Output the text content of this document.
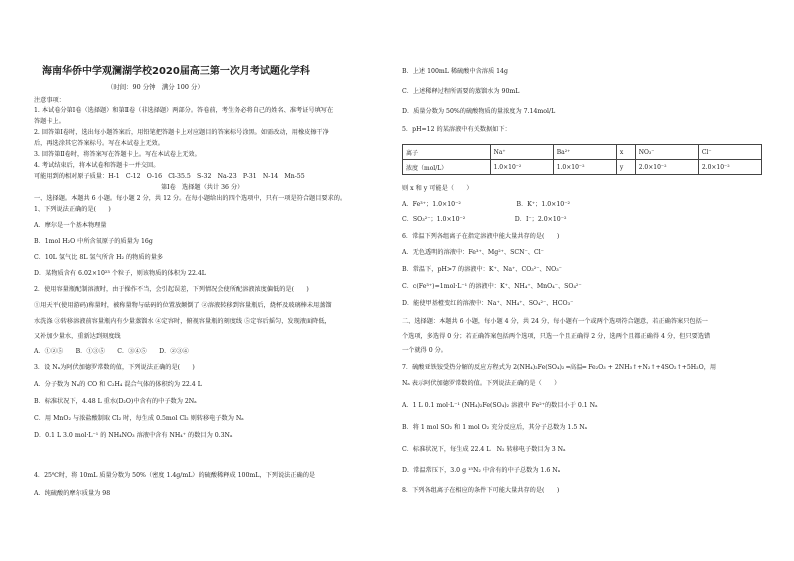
海南华侨中学观澜湖学校2020届高三第一次月考试题化学科
（时间：90 分钟　满分 100 分）
注意事项：
1. 本试卷分第Ⅰ卷（选择题）和第Ⅱ卷（非选择题）两部分。答卷前，考生务必将自己的姓名、准考证号填写在
答题卡上。
2. 回答第Ⅰ卷时，选出每小题答案后，用铅笔把答题卡上对应题目的答案标号涂黑。如需改动，用橡皮擦干净
后，再选涂其它答案标号。写在本试卷上无效。
3. 回答第Ⅱ卷时，将答案写在答题卡上。写在本试卷上无效。
4. 考试结束后，将本试卷和答题卡一并交回。
可能用到的相对原子质量：H-1　C-12　O-16　Cl-35.5　S-32　Na-23　P-31　N-14　Mn-55
第Ⅰ卷　选择题（共计 36 分）
一、选择题。本题共 6 小题。每小题 2 分，共 12 分。在每小题给出的四个选项中，只有一项是符合题目要求的。
1、下列说法正确的是(　　)
A．摩尔是一个基本物理量
B．1mol H₂O 中所含氧原子的质量为 16g
C．10L 氢气比 8L 氢气所含 H₂ 的物质的量多
D．某物质含有 6.02×10²³ 个粒子，则该物质的体积为 22.4L
2．使用容量瓶配制溶液时，由于操作不当，会引起误差，下列情况会使所配溶液浓度偏低的是(　　)
①用天平(使用游码)称量时，被称量物与砝码的位置放颠倒了 ②溶液转移到容量瓶后，烧杯及玻璃棒未用蒸馏
水洗涤 ③转移溶液前容量瓶内有少量蒸馏水 ④定容时，俯视容量瓶的刻度线 ⑤定容后摇匀，发现液面降低，
又补加少量水，重新达到刻度线
A．①②⑤　　B．①③⑤　　C．③④⑤　　D．②③④
3．设 Nₐ为阿伏加德罗常数的值，下列说法正确的是(　　)
A．分子数为 Nₐ的 CO 和 C₂H₄ 混合气体的体积约为 22.4 L
B．标准状况下，4.48 L 重水(D₂O)中含有的中子数为 2Nₐ
C．用 MnO₂ 与浓盐酸制取 Cl₂ 时，每生成 0.5mol Cl₂ 则转移电子数为 Nₐ
D．0.1 L 3.0 mol·L⁻¹ 的 NH₄NO₃ 溶液中含有 NH₄⁺ 的数目为 0.3Nₐ
4．25℃时，将 10mL 质量分数为 50%（密度 1.4g/mL）的硫酸稀释成 100mL，下列说法正确的是
A．纯硫酸的摩尔质量为 98
B．上述 100mL 稀硫酸中含溶质 14g
C．上述稀释过程所需要的蒸馏水为 90mL
D．质量分数为 50%的硫酸物质的量浓度为 7.14mol/L
5．pH=12 的某溶液中有关数据如下：
离子	Na⁺	Ba²⁺	x	NO₃⁻	Cl⁻
浓度（mol/L）	1.0×10⁻²	1.0×10⁻²	y	2.0×10⁻²	2.0×10⁻²
则 x 和 y 可能是（　　）
A．Fe³⁺；1.0×10⁻²　　　　　　　　　B．K⁺；1.0×10⁻²
C．SO₃²⁻；1.0×10⁻²　　　　　　　　D．I⁻；2.0×10⁻²
6．常温下列各组离子在指定溶液中能大量共存的是(　　)
A．无色透明的溶液中：Fe³⁺、Mg²⁺、SCN⁻、Cl⁻
B．常温下，pH>7 的溶液中：K⁺、Na⁺、CO₃²⁻、NO₃⁻
C．c(Fe³⁺)=1mol·L⁻¹ 的溶液中：K⁺、NH₄⁺、MnO₄⁻、SO₄²⁻
D．能使甲基橙变红的溶液中：Na⁺、NH₄⁺、SO₄²⁻、HCO₃⁻
二、选择题：本题共 6 小题，每小题 4 分，共 24 分，每小题有一个或两个选项符合题意，若正确答案只包括一
个选项，多选得 0 分；若正确答案包括两个选项，只选一个且正确得 2 分，选两个且都正确得 4 分，但只要选错
一个就得 0 分。
7．硫酸亚铁铵受热分解的反应方程式为 2(NH₄)₂Fe(SO₄)₂ ═高温═ Fe₂O₃ + 2NH₃↑+N₂↑+4SO₂↑+5H₂O，用
Nₐ 表示阿伏加德罗常数的值。下列说法正确的是（　　）
A．1 L 0.1 mol·L⁻¹ (NH₄)₂Fe(SO₄)₂ 溶液中 Fe²⁺的数目小于 0.1 Nₐ
B．将 1 mol SO₂ 和 1 mol O₂ 充分反应后，其分子总数为 1.5 Nₐ
C．标准状况下，每生成 22.4 L　N₂ 转移电子数目为 3 Nₐ
D．常温常压下，3.0 g ¹⁵N₂ 中含有的中子总数为 1.6 Nₐ
8．下列各组离子在相应的条件下可能大量共存的是(　　)
